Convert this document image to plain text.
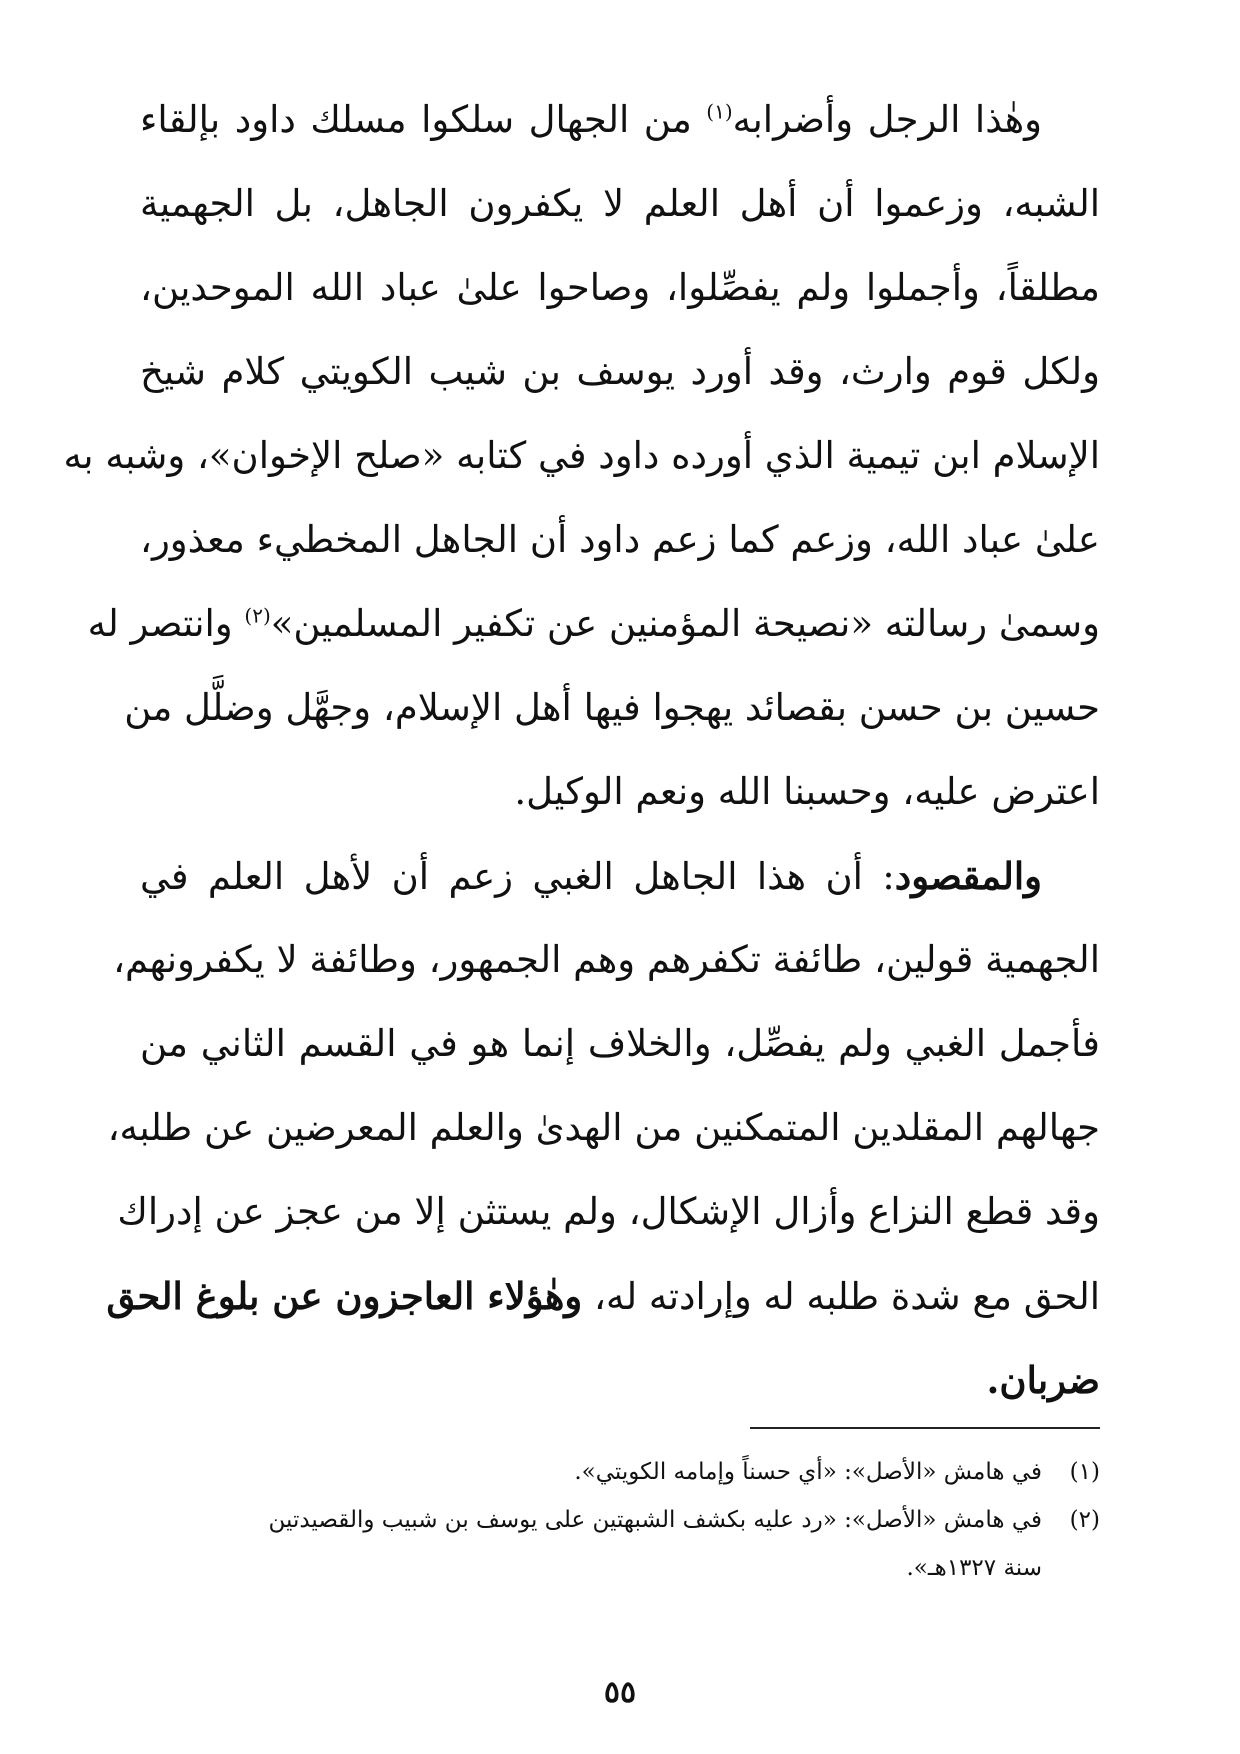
وهٰذا الرجل وأضرابه$^{(١)}$ من الجهال سلكوا مسلك داود بإلقاء
الشبه، وزعموا أن أهل العلم لا يكفرون الجاهل، بل الجهمية
مطلقاً، وأجملوا ولم يفصِّلوا، وصاحوا علىٰ عباد الله الموحدين،
ولكل قوم وارث، وقد أورد يوسف بن شيب الكويتي كلام شيخ
الإسلام ابن تيمية الذي أورده داود في كتابه «صلح الإخوان»، وشبه به
علىٰ عباد الله، وزعم كما زعم داود أن الجاهل المخطيء معذور،
وسمىٰ رسالته «نصيحة المؤمنين عن تكفير المسلمين»$^{(٢)}$ وانتصر له
حسين بن حسن بقصائد يهجوا فيها أهل الإسلام، وجهَّل وضلَّل من
اعترض عليه، وحسبنا الله ونعم الوكيل.
والمقصود: أن هذا الجاهل الغبي زعم أن لأهل العلم في
الجهمية قولين، طائفة تكفرهم وهم الجمهور، وطائفة لا يكفرونهم،
فأجمل الغبي ولم يفصِّل، والخلاف إنما هو في القسم الثاني من
جهالهم المقلدين المتمكنين من الهدىٰ والعلم المعرضين عن طلبه،
وقد قطع النزاع وأزال الإشكال، ولم يستثن إلا من عجز عن إدراك
الحق مع شدة طلبه له وإرادته له، وهٰؤلاء العاجزون عن بلوغ الحق
ضربان.
(١)
في هامش «الأصل»: «أي حسناً وإمامه الكويتي».
(٢)
في هامش «الأصل»: «رد عليه بكشف الشبهتين على يوسف بن شبيب والقصيدتين
سنة ١٣٢٧هـ».
٥٥
